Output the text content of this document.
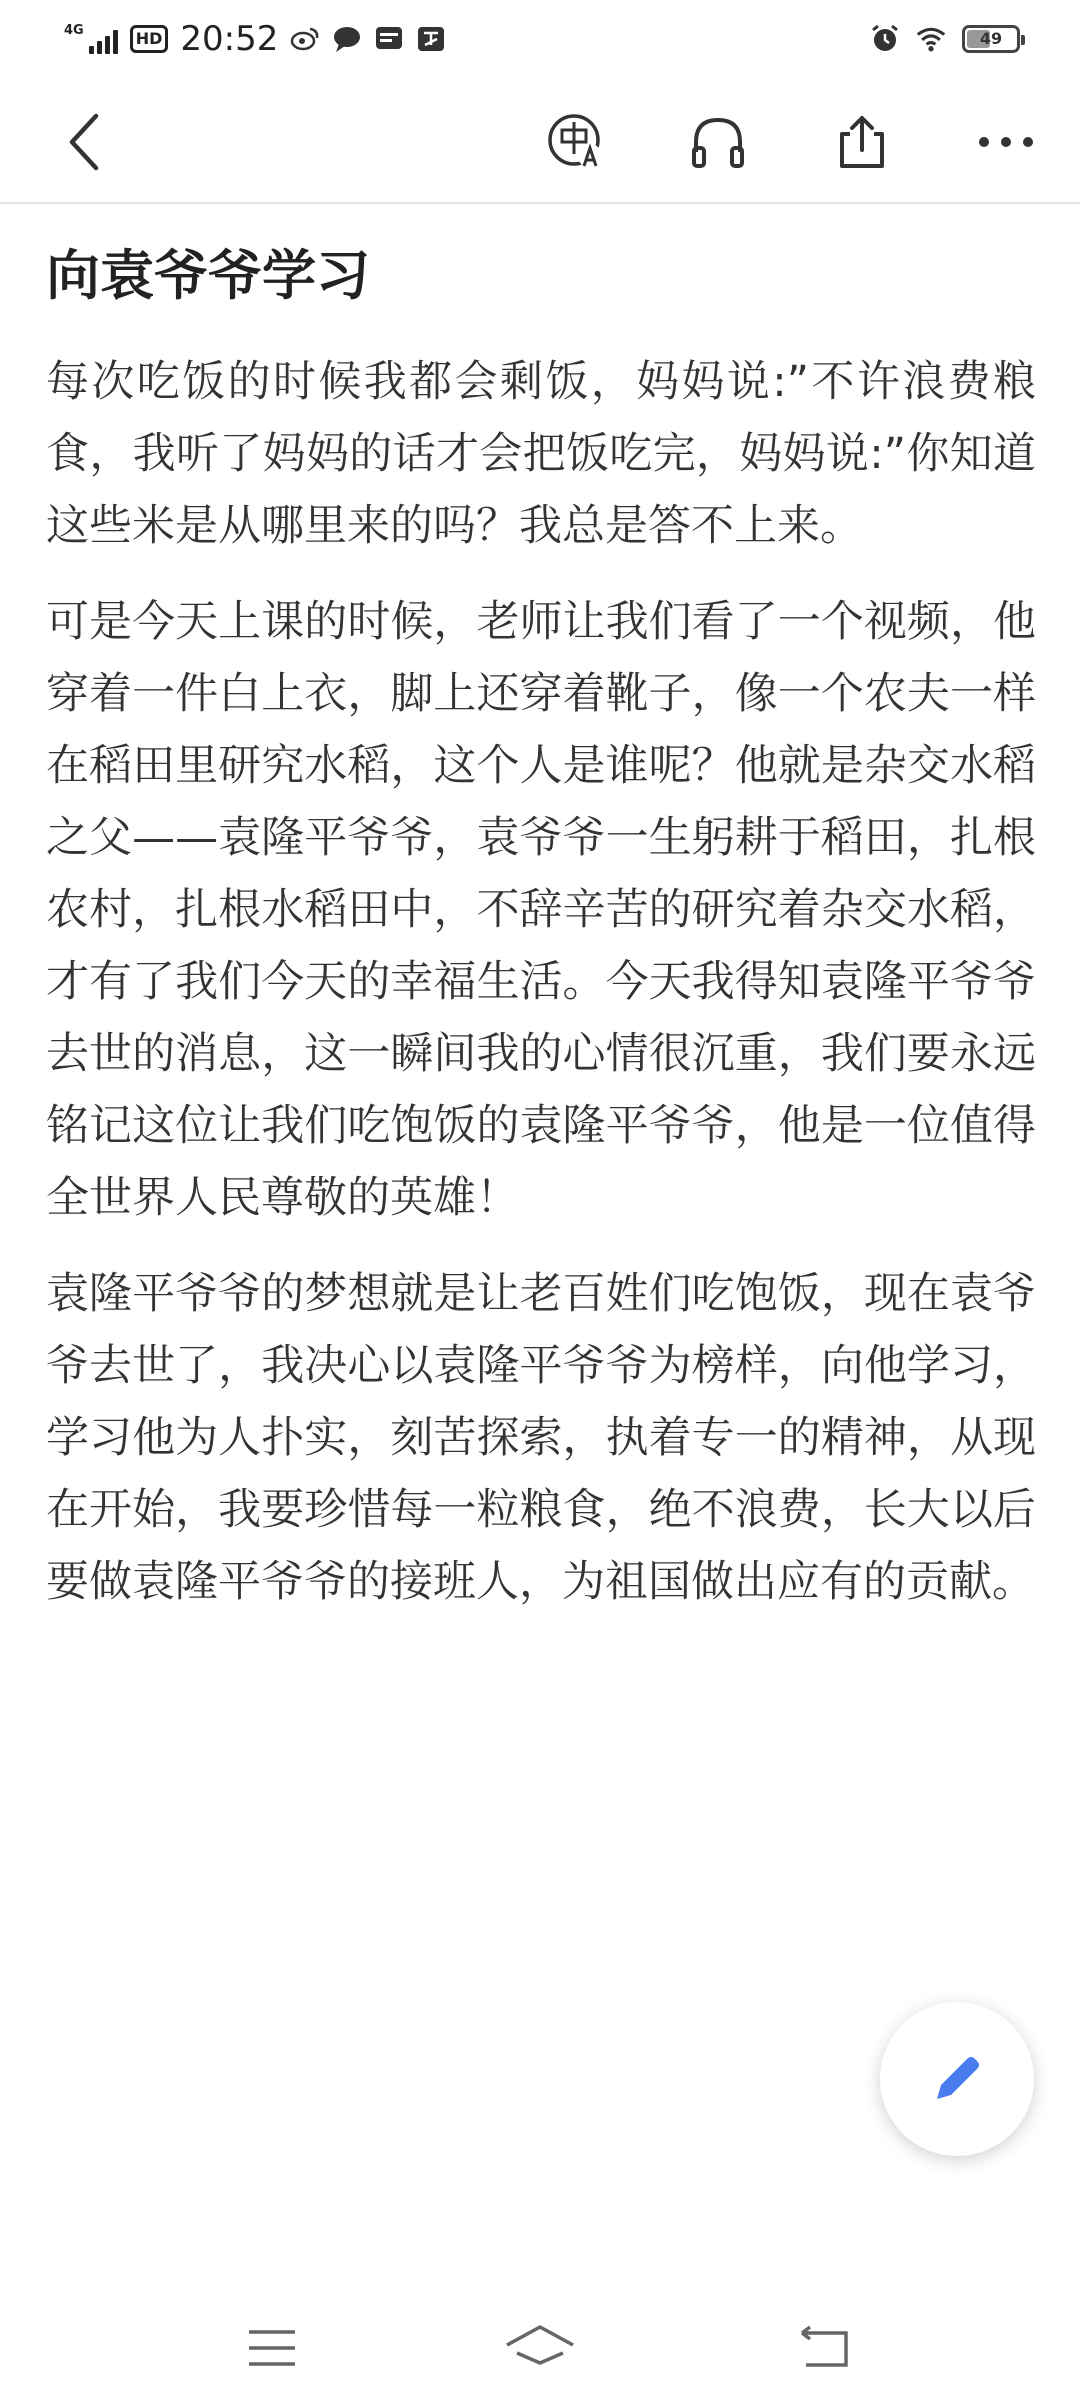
4G	HD 20:52	49
向袁爷爷学习

每次吃饭的时候我都会剩饭，妈妈说:”不许浪费粮食，我听了妈妈的话才会把饭吃完，妈妈说:”你知道这些米是从哪里来的吗？我总是答不上来。

可是今天上课的时候，老师让我们看了一个视频，他穿着一件白上衣，脚上还穿着靴子，像一个农夫一样在稻田里研究水稻，这个人是谁呢？他就是杂交水稻之父——袁隆平爷爷，袁爷爷一生躬耕于稻田，扎根农村，扎根水稻田中，不辞辛苦的研究着杂交水稻，才有了我们今天的幸福生活。今天我得知袁隆平爷爷去世的消息，这一瞬间我的心情很沉重，我们要永远铭记这位让我们吃饱饭的袁隆平爷爷，他是一位值得全世界人民尊敬的英雄！

袁隆平爷爷的梦想就是让老百姓们吃饱饭，现在袁爷爷去世了，我决心以袁隆平爷爷为榜样，向他学习，学习他为人扑实，刻苦探索，执着专一的精神，从现在开始，我要珍惜每一粒粮食，绝不浪费，长大以后要做袁隆平爷爷的接班人，为祖国做出应有的贡献。
